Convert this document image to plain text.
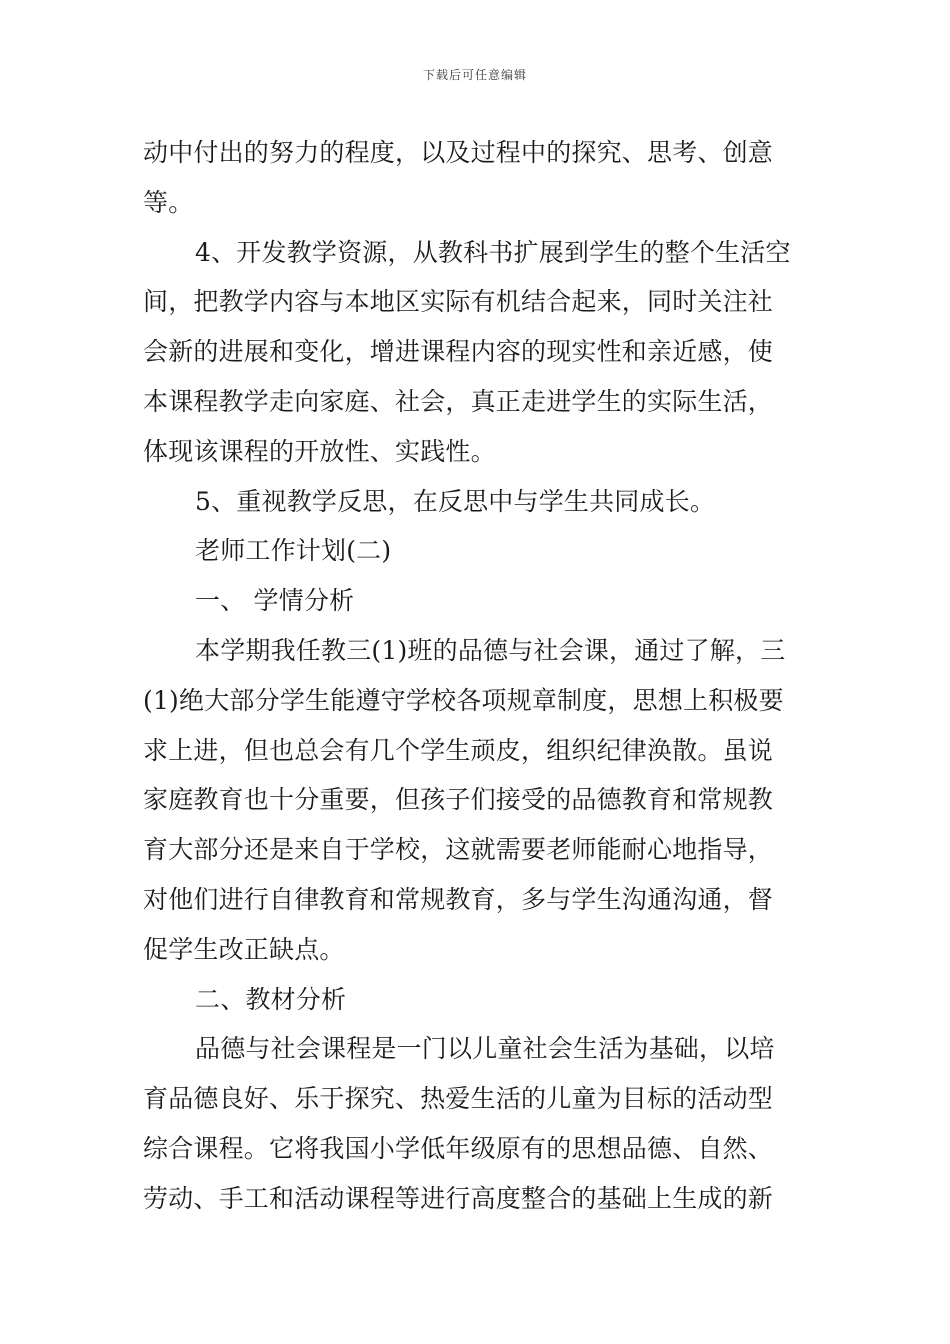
下载后可任意编辑
动中付出的努力的程度，以及过程中的探究、思考、创意
等。
4、开发教学资源，从教科书扩展到学生的整个生活空
间，把教学内容与本地区实际有机结合起来，同时关注社
会新的进展和变化，增进课程内容的现实性和亲近感，使
本课程教学走向家庭、社会，真正走进学生的实际生活，
体现该课程的开放性、实践性。
5、重视教学反思，在反思中与学生共同成长。
老师工作计划(二)
一、 学情分析
本学期我任教三(1)班的品德与社会课，通过了解，三
(1)绝大部分学生能遵守学校各项规章制度，思想上积极要
求上进，但也总会有几个学生顽皮，组织纪律涣散。虽说
家庭教育也十分重要，但孩子们接受的品德教育和常规教
育大部分还是来自于学校，这就需要老师能耐心地指导，
对他们进行自律教育和常规教育，多与学生沟通沟通，督
促学生改正缺点。
二、教材分析
品德与社会课程是一门以儿童社会生活为基础，以培
育品德良好、乐于探究、热爱生活的儿童为目标的活动型
综合课程。它将我国小学低年级原有的思想品德、自然、
劳动、手工和活动课程等进行高度整合的基础上生成的新
